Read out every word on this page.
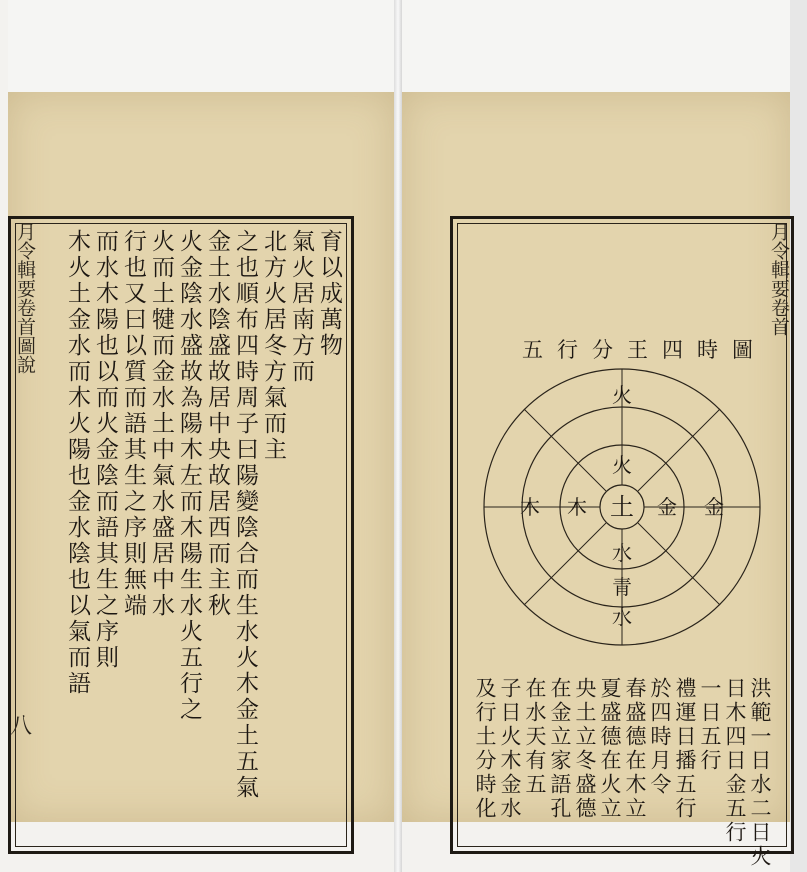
月令輯要卷首圖說	育以成萬物
氣火居南方而
北方火居冬方氣而主
之也順布四時周子曰陽變陰合而生水火木金土五氣
金土水陰盛故居中央故居西而主秋
火金陰水盛故為陽木左而木陽生水火五行之
火而土犍而金水土中氣水盛居中水
行也又曰以質而語其生之序則無端
而水木陽也以而火金陰而語其生之序則
木火土金水而木火陽也金水陰也以氣而語
八
月令輯要卷首
五行分王四時圖
土
火
水
木	金
青
木	金
水
火
洪範一日水二日火
日木四日金五行
一日五行
禮運日播五行
於四時月令
春盛德在木立
夏盛德在火立
央土立冬盛德
在金立家語孔
在水天有五
子日火木金水
及行土分時化
